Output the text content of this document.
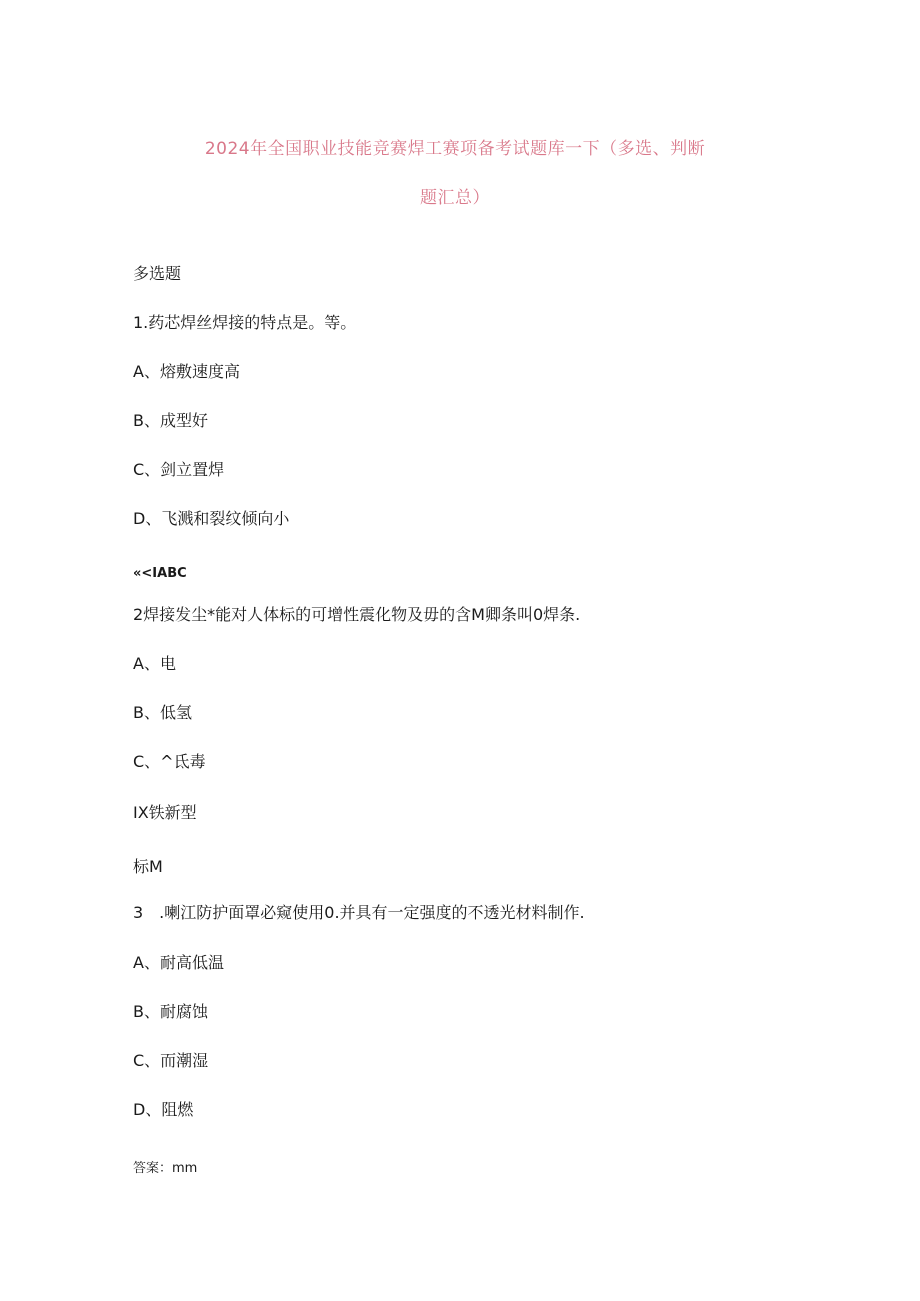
2024年全国职业技能竞赛焊工赛项备考试题库一下（多选、判断
题汇总）
多选题
1.药芯焊丝焊接的特点是。等。
A、熔敷速度高
B、成型好
C、剑立置焊
D、飞溅和裂纹倾向小
«<IABC
2焊接发尘*能对人体标的可增性震化物及毋的含M卿条叫0焊条.
A、电
B、低氢
C、^氐毒
IX铁新型
标M
3　.喇江防护面罩必窥使用0.并具有一定强度的不透光材料制作.
A、耐高低温
B、耐腐蚀
C、而潮湿
D、阻燃
答案：mm
